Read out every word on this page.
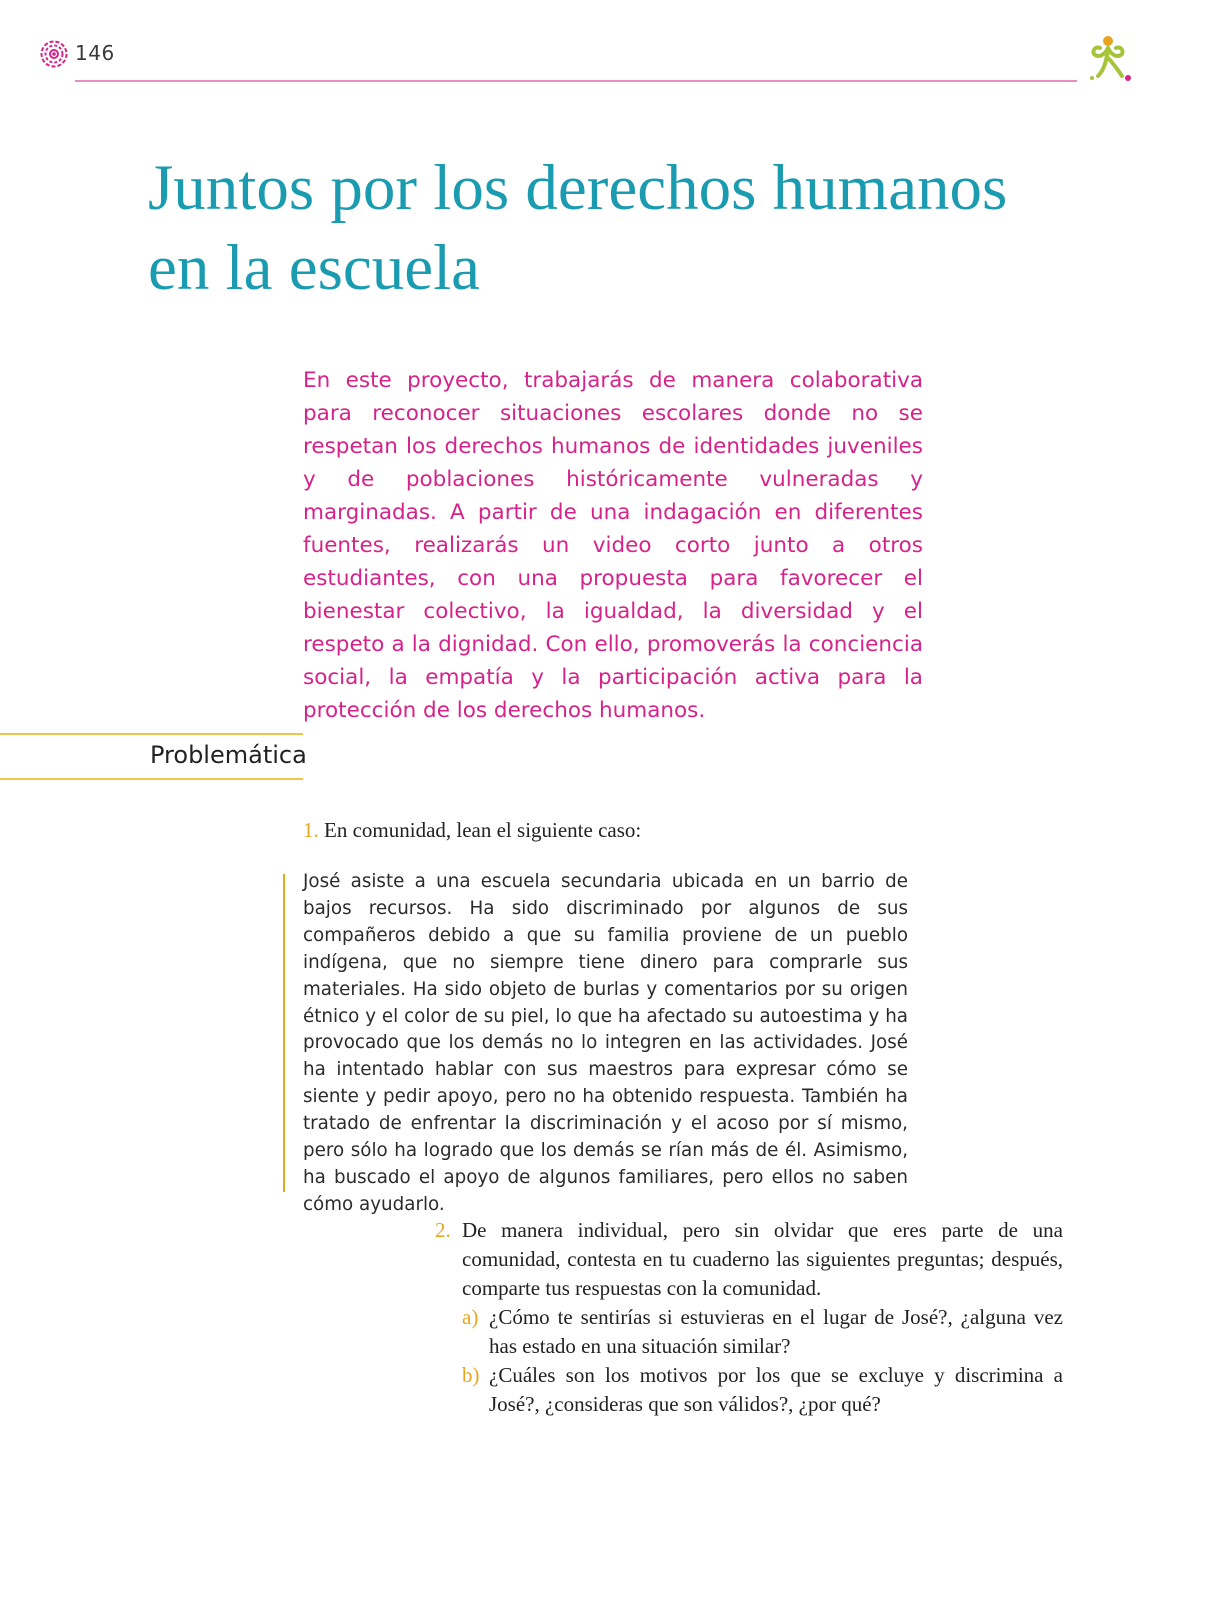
146
Juntos por los derechos humanos
en la escuela

En este proyecto, trabajarás de manera colaborativa para reconocer situaciones escolares donde no se respetan los derechos humanos de identidades juveniles y de poblaciones históricamente vulneradas y marginadas. A partir de una indagación en diferentes fuentes, realizarás un video corto junto a otros estudiantes, con una propuesta para favorecer el bienestar colectivo, la igualdad, la diversidad y el respeto a la dignidad. Con ello, promoverás la conciencia social, la empatía y la participación activa para la protección de los derechos humanos.

Problemática

1. En comunidad, lean el siguiente caso:

José asiste a una escuela secundaria ubicada en un barrio de bajos recursos. Ha sido discriminado por algunos de sus compañeros debido a que su familia proviene de un pueblo indígena, que no siempre tiene dinero para comprarle sus materiales. Ha sido objeto de burlas y comentarios por su origen étnico y el color de su piel, lo que ha afectado su autoestima y ha provocado que los demás no lo integren en las actividades. José ha intentado hablar con sus maestros para expresar cómo se siente y pedir apoyo, pero no ha obtenido respuesta. También ha tratado de enfrentar la discriminación y el acoso por sí mismo, pero sólo ha logrado que los demás se rían más de él. Asimismo, ha buscado el apoyo de algunos familiares, pero ellos no saben cómo ayudarlo.

2. De manera individual, pero sin olvidar que eres parte de una comunidad, contesta en tu cuaderno las siguientes preguntas; después, comparte tus respuestas con la comunidad.
a) ¿Cómo te sentirías si estuvieras en el lugar de José?, ¿alguna vez has estado en una situación similar?
b) ¿Cuáles son los motivos por los que se excluye y discrimina a José?, ¿consideras que son válidos?, ¿por qué?
